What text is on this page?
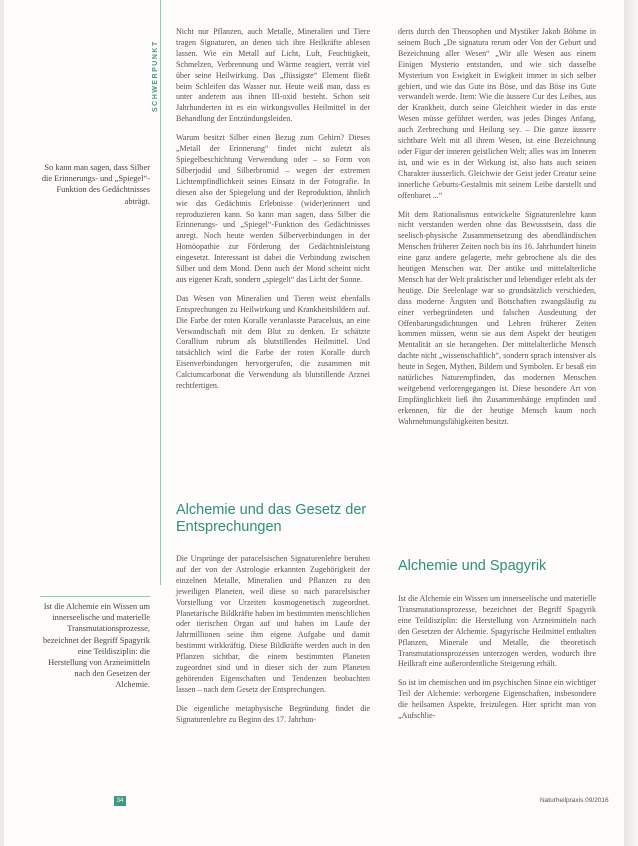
SCHWERPUNKT
So kann man sagen, dass Silber die Erinnerungs- und „Spiegel“-Funktion des Gedächtnisses abträgt.
Ist die Alchemie ein Wissen um innerseelische und materielle Transmutationsprozesse, bezeichnet der Begriff Spagyrik eine Teildisziplin: die Herstellung von Arzneimitteln nach den Gesetzen der Alchemie.

Nicht nur Pflanzen, auch Metalle, Mineralien und Tiere tragen Signaturen, an denen sich ihre Heilkräfte ablesen lassen. Wie ein Metall auf Licht, Luft, Feuchtigkeit, Schmelzen, Verbrennung und Wärme reagiert, verrät viel über seine Heilwirkung. Das „flüssigste“ Element fließt beim Schleifen das Wasser nur. Heute weiß man, dass es unter anderem aus ihnen III-oxid besteht. Schon seit Jahrhunderten ist es ein wirkungsvolles Heilmittel in der Behandlung der Entzündungsleiden.

Warum besitzt Silber einen Bezug zum Gehirn? Dieses „Metall der Erinnerung“ findet nicht zuletzt als Spiegelbeschichtung Verwendung oder – so Form von Silberjodid und Silberbromid – wegen der extremen Lichtempfindlichkeit seines Einsatz in der Fotografie. In diesen also der Spiegelung und der Reproduktion, ähnlich wie das Gedächtnis Erlebnisse (wider)erinnert und reproduzieren kann. So kann man sagen, dass Silber die Erinnerungs- und „Spiegel“-Funktion des Gedächtnisses anregt. Noch heute werden Silberverbindungen in der Homöopathie zur Förderung der Gedächtnisleistung eingesetzt. Interessant ist dabei die Verbindung zwischen Silber und dem Mond. Denn auch der Mond scheint nicht aus eigener Kraft, sondern „spiegelt“ das Licht der Sonne.

Das Wesen von Mineralien und Tieren weist ebenfalls Entsprechungen zu Heilwirkung und Krankheitsbildern auf. Die Farbe der roten Koralle veranlasste Paracelsus, an eine Verwandtschaft mit dem Blut zu denken. Er schätzte Corallium rubrum als blutstillendes Heilmittel. Und tatsächlich wird die Farbe der roten Koralle durch Eisenverbindungen hervorgerufen, die zusammen mit Calciumcarbonat die Verwendung als blutstillende Arznei rechtfertigen.

Alchemie und das Gesetz der Entsprechungen

Die Ursprünge der paracelsischen Signaturenlehre beruhen auf der von der Astrologie erkannten Zugehörigkeit der einzelnen Metalle, Mineralien und Pflanzen zu den jeweiligen Planeten, weil diese so nach paracelsischer Vorstellung vor Urzeiten kosmogenetisch zugeordnet. Planetarische Bildkräfte haben im bestimmten menschlichen oder tierischen Organ auf und haben im Laufe der Jahrmillionen seine ihm eigene Aufgabe und damit bestimmt wirkkräftig. Diese Bildkräfte werden auch in den Pflanzen sichtbar, die einem bestimmten Planeten zugeordnet sind und in dieser sich der zum Planeten gehörenden Eigenschaften und Tendenzen beobachten lassen – nach dem Gesetz der Entsprechungen.

Die eigentliche metaphysische Begründung findet die Signaturenlehre zu Beginn des 17. Jahrhun-

derts durch den Theosophen und Mystiker Jakob Böhme in seinem Buch „De signatura rerum oder Von der Geburt und Bezeichnung aller Wesen“ „Wir alle Wesen aus einem Einigen Mysterio entstanden, und wie sich dasselbe Mysterium von Ewigkeit in Ewigkeit immer in sich selber gebiert, und wie das Gute ins Böse, und das Böse ins Gute verwandelt werde. Item: Wie die äussere Cur des Leibes, aus der Krankheit, durch seine Gleichheit wieder in das erste Wesen müsse geführet werden, was jedes Dinges Anfang, auch Zerbrechung und Heilung sey. – Die ganze äussere sichtbare Welt mit all ihrem Wesen, ist eine Bezeichnung oder Figur der inneren geistlichen Welt; alles was im Inneren ist, und wie es in der Wirkung ist, also hats auch seinen Charakter äusserlich. Gleichwie der Geist jeder Creatur seine innerliche Geburts-Gestaltnis mit seinem Leibe darstellt und offenbaret ...“

Mit dem Rationalismus entwickelte Signaturenlehre kann nicht verstanden werden ohne das Bewusstsein, dass die seelisch-physische Zusammensetzung des abendländischen Menschen früherer Zeiten noch bis ins 16. Jahrhundert hinein eine ganz andere gelagerte, mehr gebrochene als die des heutigen Menschen war. Der antike und mittelalterliche Mensch hat der Welt praktischer und lebendiger erlebt als der heutige. Die Seelenlage war so grundsätzlich verschieden, dass moderne Ängsten und Botschaften zwangsläufig zu einer verbegründeten und falschen Ausdeutung der Offenbarungsdichtungen und Lehren früherer Zeiten kommen müssen, wenn sie aus dem Aspekt der heutigen Mentalität an sie herangehen. Der mittelalterliche Mensch dachte nicht „wissenschaftlich“, sondern sprach intensiver als heute in Segen, Mythen, Bildern und Symbolen. Er besaß ein natürliches Naturempfinden, das modernen Menschen weitgehend verlorengegangen ist. Diese besondere Art von Empfänglichkeit ließ ihn Zusammenhänge empfinden und erkennen, für die der heutige Mensch kaum noch Wahrnehmungsfähigkeiten besitzt.

Alchemie und Spagyrik

Ist die Alchemie ein Wissen um innerseelische und materielle Transmutationsprozesse, bezeichnet der Begriff Spagyrik eine Teildisziplin: die Herstellung von Arzneimitteln nach den Gesetzen der Alchemie. Spagyrische Heilmittel enthalten Pflanzen, Minerale und Metalle, die theoretisch Transmutationsprozessen unterzogen werden, wodurch ihre Heilkraft eine außerordentliche Steigerung erhält.

So ist im chemischen und im psychischen Sinne ein wichtiger Teil der Alchemie: verborgene Eigenschaften, insbesondere die heilsamen Aspekte, freizulegen. Hier spricht man von „Aufschlie-

34	Naturheilpraxis 09/2016
